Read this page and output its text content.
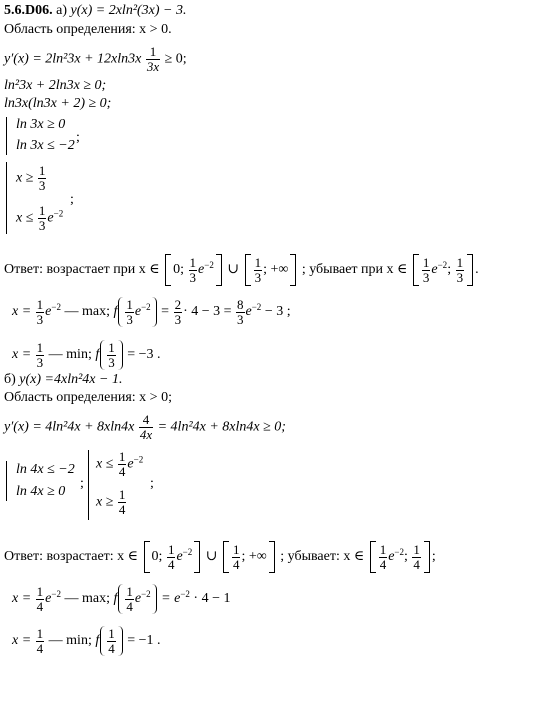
5.6.D06. а) y(x) = 2xln²(3x) − 3.
Область определения: x > 0.
$y'(x) = 2\ln^23x + 12xln3x \frac{1}{3x} \ge 0$;
ln²3x + 2ln3x ≥ 0;
ln3x(ln3x + 2) ≥ 0;
ln 3x ≥ 0
ln 3x ≤ −2
;
$x \ge \frac{1}{3}$
$x \le \frac{1}{3} e^{-2}$
;
Ответ: возрастает при x ∈ 0; $\frac{1}{3} e^{-2}$ ∪ $\frac{1}{3}$ ; +∞ ; убывает при x ∈ $\frac{1}{3} e^{-2}$; $\frac{1}{3}$ .
$x = \frac{1}{3} e^{-2}$ — max; f $\frac{1}{3} e^{-2} = \frac{2}{3} \cdot 4 - 3 = \frac{8}{3} e^{-2} - 3$ ;
$x = \frac{1}{3}$ — min; f $\frac{1}{3} = -3$ .
б) y(x) =4xln²4x − 1.
Область определения: x > 0;
$y'(x) = 4\ln^24x + 8xln4x \frac{4}{4x} = 4\ln^24x + 8xln4x \ge 0$;
ln 4x ≤ −2
ln 4x ≥ 0
;
$x \le \frac{1}{4} e^{-2}$
$x \ge \frac{1}{4}$
;
Ответ: возрастает: x ∈ 0; $\frac{1}{4} e^{-2}$ ∪ $\frac{1}{4}$ ; +∞ ; убывает: x ∈ $\frac{1}{4} e^{-2}$; $\frac{1}{4}$ ;
$x = \frac{1}{4} e^{-2}$ — max; f $\frac{1}{4} e^{-2} = e^{-2} \cdot 4 - 1$
$x = \frac{1}{4}$ — min; f $\frac{1}{4} = -1$ .
